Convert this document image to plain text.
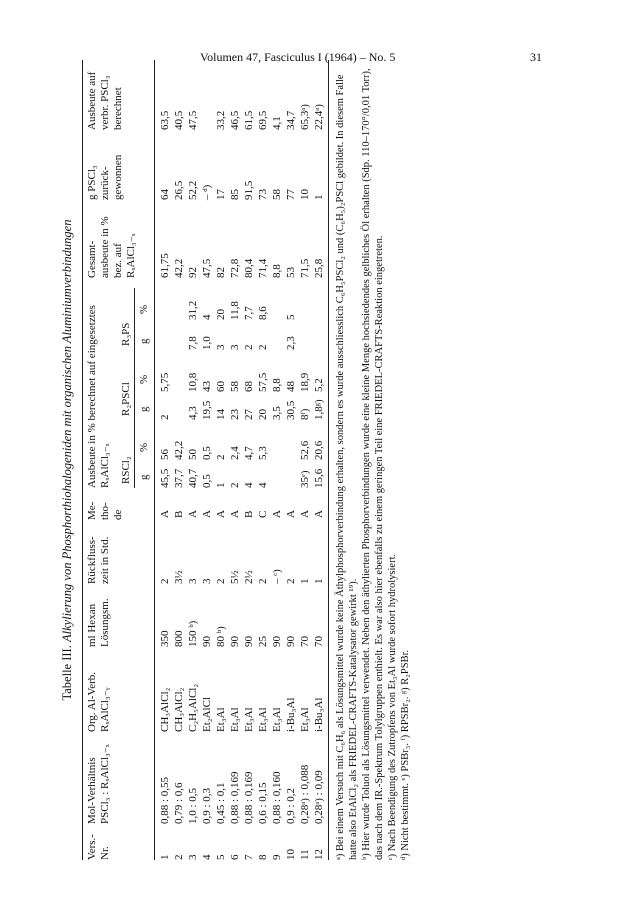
Volumen 47, Fasciculus I (1964) – No. 5	31
Tabelle III. Alkylierung von Phosphorthiohalogeniden mit organischen Aluminiumverbindungen
Vers.-Nr.
Mol-Verhältnis PSCl₃ : RₓAlCl₃₋ₓ
Org. Al-Verb. RₓAlCl₃₋ᵧ
ml Hexan Lösungsm.
Rückfluss-zeit in Std.
Me-tho-de
Ausbeute in % berechnet auf eingesetztes RₓAlCl₃₋ₓ RSCl₂
R₂PSCl
R₃PS
g
%
g
%
g
%
Gesamt-ausbeute in % bez. auf RₓAlCl₃₋ₓ
g PSCl₃ zurück-gewonnen
Ausbeute auf verbr. PSCl₃ berechnet
1
0,88 : 0,55
CH₃AlCl₂
350
2
A
45,5
56
2
5,75
61,75
64
63,5
2
0,79 : 0,6
CH₃AlCl₂
800
3½
B
37,7
42,2
42,2
26,5
40,5
3
1,0 : 0,5
C₂H₅AlCl₂
150 ᵇ)
3
A
40,7
50
4,3
10,8
7,8
31,2
92
52,2
47,5
4
0,9 : 0,3
Et₂AlCl
90
3
A
0,5
0,5
19,5
43
1,0
4
47,5
– ᵈ)
5
0,45 : 0,1
Et₃Al
80 ᵇ)
2
A
1
2
14
60
3
20
82
17
33,2
6
0,88 : 0,169
Et₃Al
90
5½
A
2
2,4
23
58
3
11,8
72,8
85
46,5
7
0,88 : 0,169
Et₃Al
90
2½
B
4
4,7
27
68
2
7,7
80,4
91,5
61,5
8
0,6 : 0,15
Et₃Al
25
2
C
4
5,3
20
57,5
2
8,6
71,4
73
69,5
9
0,88 : 0,160
Et₃Al
90
– ᶜ)
A
3,5
8,8
8,8
58
4,1
10
0,9 : 0,2
i-Bu₃Al
90
2
A
30,5
48
2,3
5
53
77
34,7
11
0,28ᵃ) : 0,088
Et₃Al
70
1
A
35ᵉ)
52,6
8ᶠ)
18,9
71,5
10
65,3ᵃ)
12
0,28ᵃ) : 0,09
i-Bu₃Al
70
1
A
15,6
20,6
1,8ᵍ)
5,2
25,8
1
22,4ᵃ) ᵃ) Bei einem Versuch mit C₆H₆ als Lösungsmittel wurde keine Äthylphosphorverbindung erhalten, sondern es wurde ausschliesslich C₆H₅PSCl₂ und (C₆H₅)₂PSCl gebildet. In diesem Falle hatte also EtAlCl₂ als FRIEDEL-CRAFTS-Katalysator gewirkt ¹⁹). ᵇ) Hier wurde Toluol als Lösungsmittel verwendet. Neben den äthylierten Phosphorverbindungen wurde eine kleine Menge hochsiedendes gelbliches Öl erhalten (Sdp. 110–170°/0,01 Torr), das nach dem IR.-Spektrum Tolylgruppen enthielt. Es war also hier ebenfalls zu einem geringen Teil eine FRIEDEL-CRAFTS-Reaktion eingetreten. ᶜ) Nach Beendigung des Zutropfens von Et₃Al wurde sofort hydrolysiert. ᵈ) Nicht bestimmt. ᵉ) PSBr₃. ᶠ) RPSBr₂. ᵍ) R₂PSBr.
